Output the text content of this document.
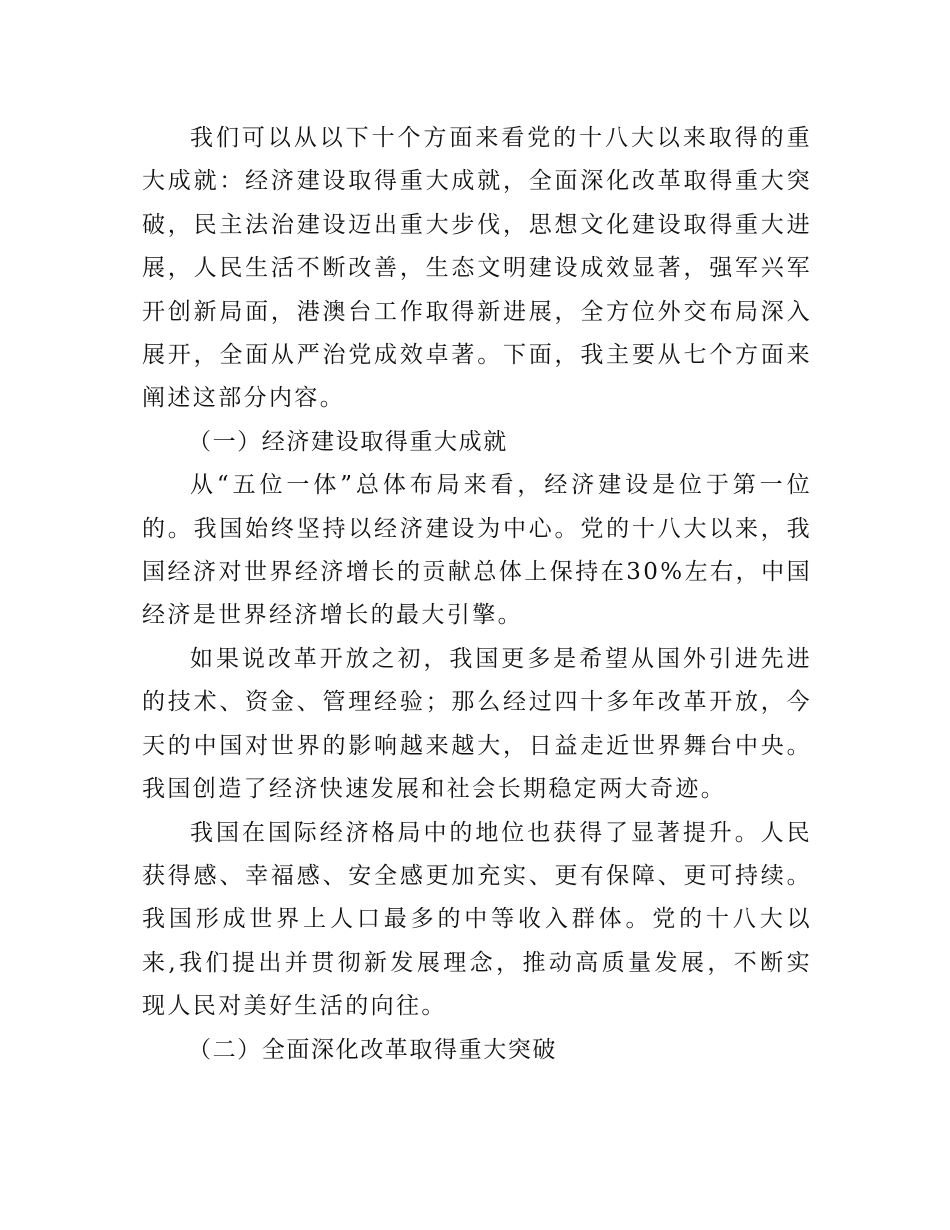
我们可以从以下十个方面来看党的十八大以来取得的重大成就：经济建设取得重大成就，全面深化改革取得重大突破，民主法治建设迈出重大步伐，思想文化建设取得重大进展，人民生活不断改善，生态文明建设成效显著，强军兴军开创新局面，港澳台工作取得新进展，全方位外交布局深入展开，全面从严治党成效卓著。下面，我主要从七个方面来阐述这部分内容。

（一）经济建设取得重大成就

从“五位一体”总体布局来看，经济建设是位于第一位的。我国始终坚持以经济建设为中心。党的十八大以来，我国经济对世界经济增长的贡献总体上保持在30%左右，中国经济是世界经济增长的最大引擎。

如果说改革开放之初，我国更多是希望从国外引进先进的技术、资金、管理经验；那么经过四十多年改革开放，今天的中国对世界的影响越来越大，日益走近世界舞台中央。我国创造了经济快速发展和社会长期稳定两大奇迹。

我国在国际经济格局中的地位也获得了显著提升。人民获得感、幸福感、安全感更加充实、更有保障、更可持续。我国形成世界上人口最多的中等收入群体。党的十八大以来,我们提出并贯彻新发展理念，推动高质量发展，不断实现人民对美好生活的向往。

（二）全面深化改革取得重大突破
